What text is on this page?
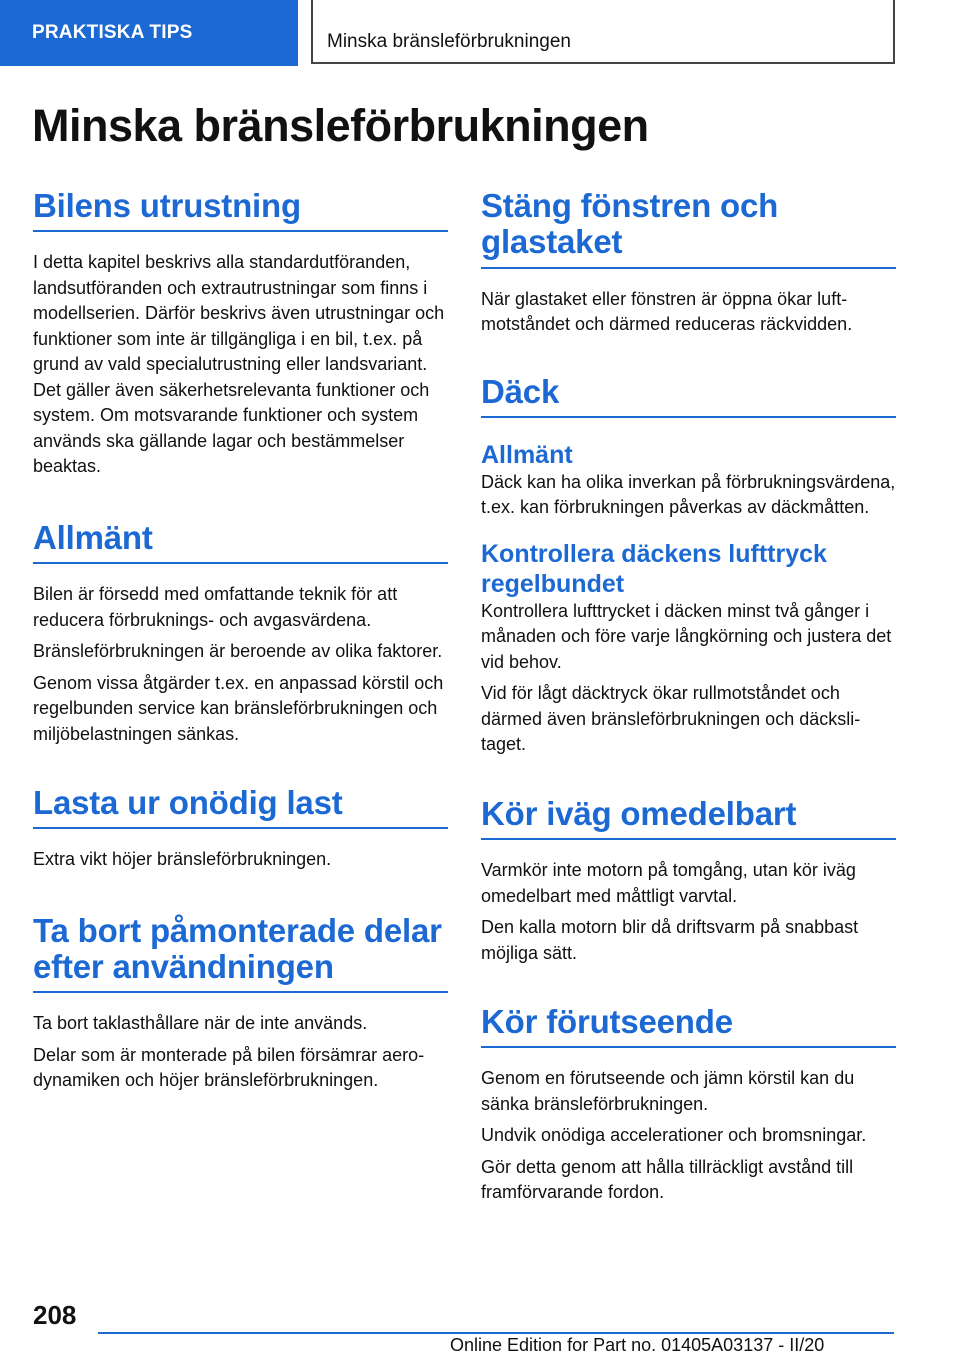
PRAKTISKA TIPS	Minska bränsleförbrukningen
Minska bränsleförbrukningen
Bilens utrustning

I detta kapitel beskrivs alla standardutföranden, landsutföranden och extrautrustningar som finns i modellserien. Därför beskrivs även utrustningar och funktioner som inte är tillgängliga i en bil, t.ex. på grund av vald specialutrustning eller landsvariant. Det gäller även säkerhetsrelevanta funktioner och system. Om motsvarande funktioner och system används ska gällande lagar och bestämmelser beaktas.

Allmänt

Bilen är försedd med omfattande teknik för att reducera förbruknings- och avgasvärdena.

Bränsleförbrukningen är beroende av olika faktorer.

Genom vissa åtgärder t.ex. en anpassad körstil och regelbunden service kan bränsleförbrukningen och miljöbelastningen sänkas.

Lasta ur onödig last

Extra vikt höjer bränsleförbrukningen.

Ta bort påmonterade delar efter användningen

Ta bort taklasthållare när de inte används.

Delar som är monterade på bilen försämrar aerodynamiken och höjer bränsleförbrukningen.

Stäng fönstren och glastaket

När glastaket eller fönstren är öppna ökar luftmotståndet och därmed reduceras räckvidden.

Däck
Allmänt

Däck kan ha olika inverkan på förbrukningsvärdena, t.ex. kan förbrukningen påverkas av däckmåtten.

Kontrollera däckens lufttryck regelbundet

Kontrollera lufttrycket i däcken minst två gånger i månaden och före varje långkörning och justera det vid behov.

Vid för lågt däcktryck ökar rullmotståndet och därmed även bränsleförbrukningen och däckslitaget.

Kör iväg omedelbart

Varmkör inte motorn på tomgång, utan kör iväg omedelbart med måttligt varvtal.

Den kalla motorn blir då driftsvarm på snabbast möjliga sätt.

Kör förutseende

Genom en förutseende och jämn körstil kan du sänka bränsleförbrukningen.

Undvik onödiga accelerationer och bromsningar.

Gör detta genom att hålla tillräckligt avstånd till framförvarande fordon.

208
Online Edition for Part no. 01405A03137 - II/20
